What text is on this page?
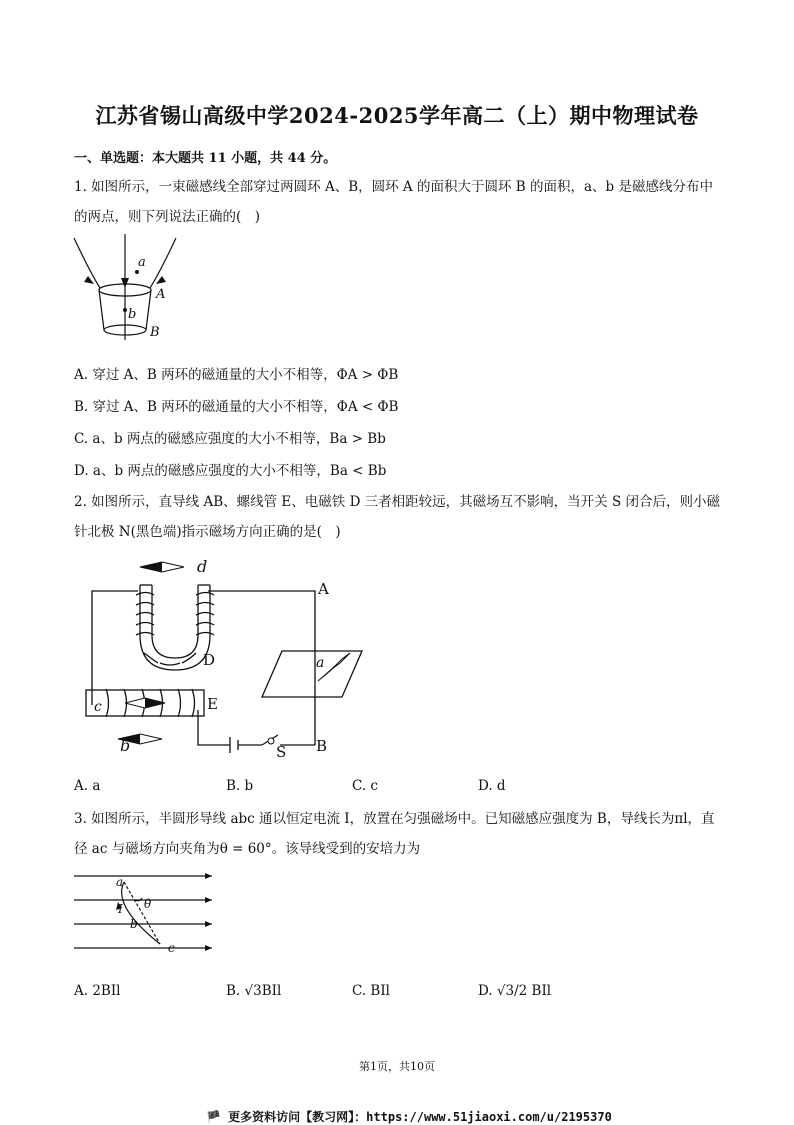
江苏省锡山高级中学2024-2025学年高二（上）期中物理试卷
一、单选题：本大题共 11 小题，共 44 分。
1. 如图所示，一束磁感线全部穿过两圆环 A、B，圆环 A 的面积大于圆环 B 的面积，a、b 是磁感线分布中
的两点，则下列说法正确的(　)
a
A
b
B
A. 穿过 A、B 两环的磁通量的大小不相等，ΦA > ΦB
B. 穿过 A、B 两环的磁通量的大小不相等，ΦA < ΦB
C. a、b 两点的磁感应强度的大小不相等，Ba > Bb
D. a、b 两点的磁感应强度的大小不相等，Ba < Bb
2. 如图所示，直导线 AB、螺线管 E、电磁铁 D 三者相距较远，其磁场互不影响，当开关 S 闭合后，则小磁
针北极 N(黑色端)指示磁场方向正确的是(　)
d
A
D	a
c	E
b	S B
A. a	B. b	C. c	D. d
3. 如图所示，半圆形导线 abc 通以恒定电流 I，放置在匀强磁场中。已知磁感应强度为 B，导线长为πl，直
径 ac 与磁场方向夹角为θ = 60°。该导线受到的安培力为
a
I θ
b
c
A. 2BIl	B. √3BIl	C. BIl	D. √3/2 BIl
第1页，共10页
🏴 更多资料访问【教习网】：https://www.51jiaoxi.com/u/2195370
